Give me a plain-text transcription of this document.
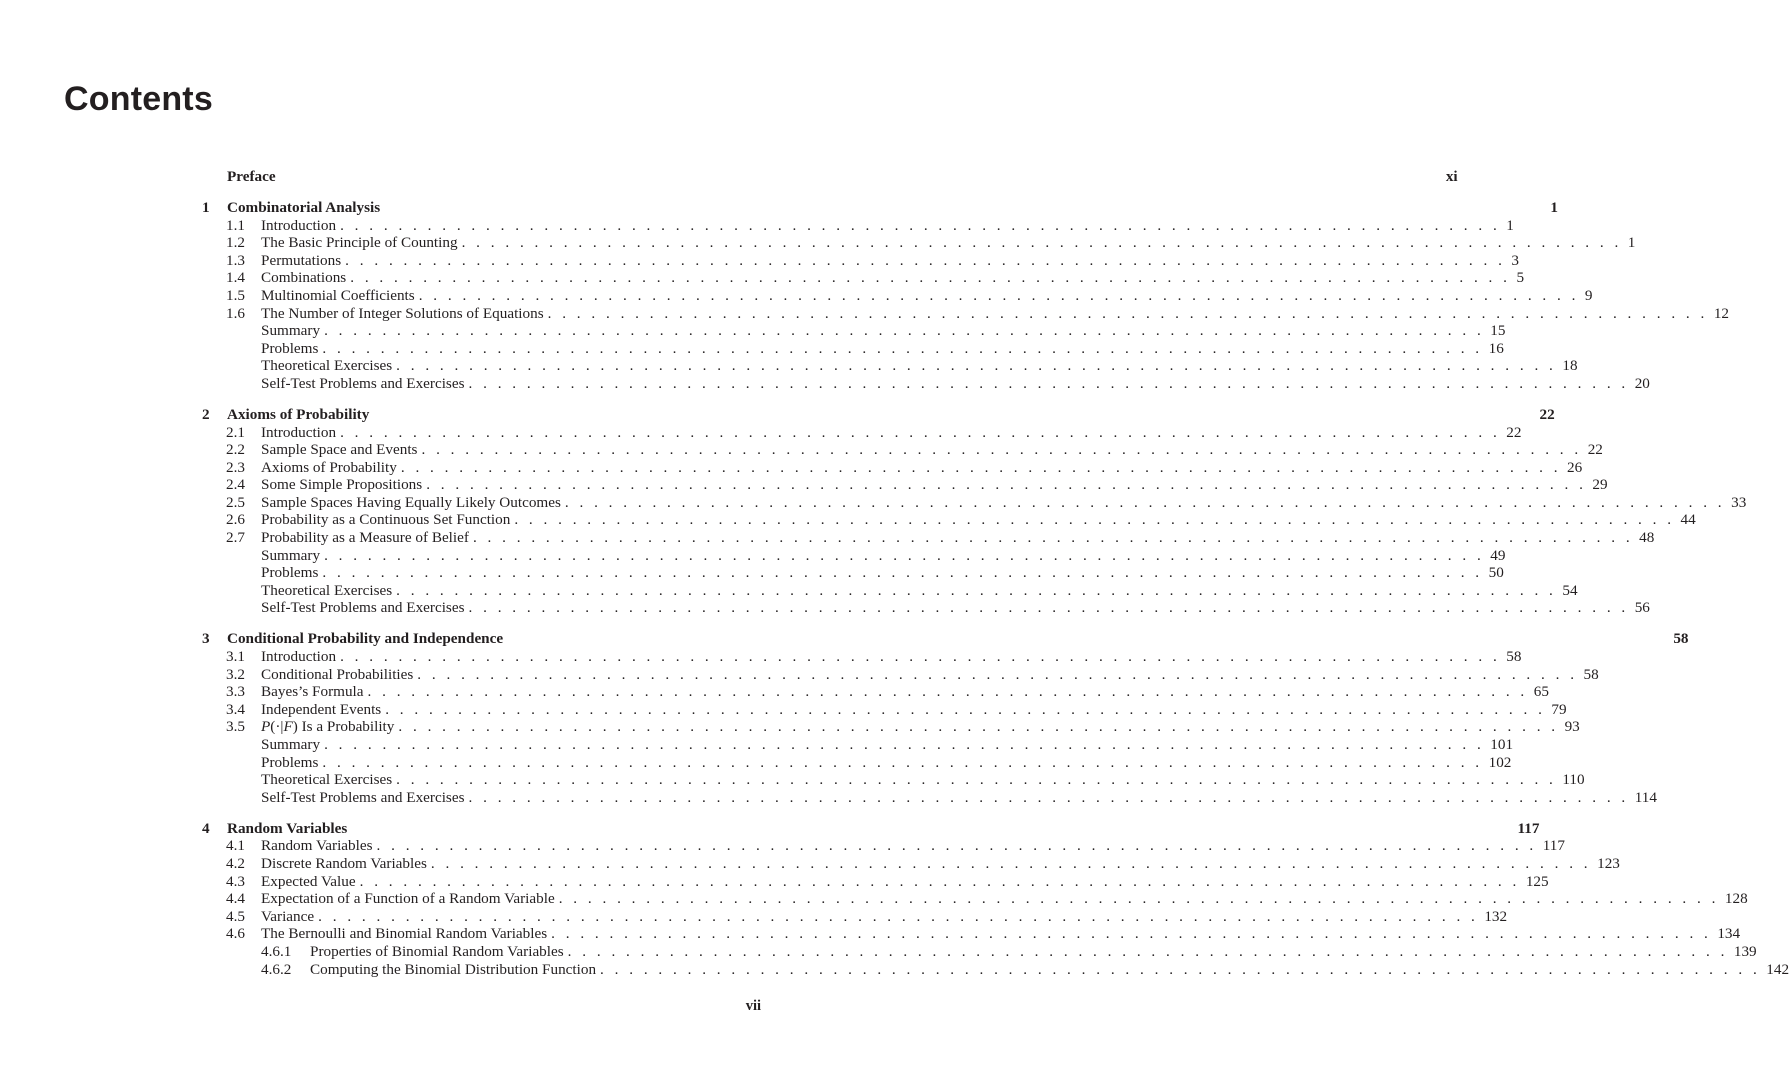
Contents
Preface	xi
1 Combinatorial Analysis	1
1.1 Introduction . . . . . . . . . . . . . . . . . . . . . . . . . . . . . . . . . . . . . . . . . . . . . . . . . . . . . . . . . . . . . . . . . . . . . . . . . . . . . . . . 1
1.2 The Basic Principle of Counting . . . . . . . . . . . . . . . . . . . . . . . . . . . . . . . . . . . . . . . . . . . . . . . . . . . . . . . . . . . . . . . . . . . . . . . . . . . . . . . . 1
1.3 Permutations . . . . . . . . . . . . . . . . . . . . . . . . . . . . . . . . . . . . . . . . . . . . . . . . . . . . . . . . . . . . . . . . . . . . . . . . . . . . . . . . 3
1.4 Combinations . . . . . . . . . . . . . . . . . . . . . . . . . . . . . . . . . . . . . . . . . . . . . . . . . . . . . . . . . . . . . . . . . . . . . . . . . . . . . . . . 5
1.5 Multinomial Coefficients . . . . . . . . . . . . . . . . . . . . . . . . . . . . . . . . . . . . . . . . . . . . . . . . . . . . . . . . . . . . . . . . . . . . . . . . . . . . . . . . 9
1.6 The Number of Integer Solutions of Equations . . . . . . . . . . . . . . . . . . . . . . . . . . . . . . . . . . . . . . . . . . . . . . . . . . . . . . . . . . . . . . . . . . . . . . . . . . . . . . . . 12
Summary . . . . . . . . . . . . . . . . . . . . . . . . . . . . . . . . . . . . . . . . . . . . . . . . . . . . . . . . . . . . . . . . . . . . . . . . . . . . . . . . 15
Problems . . . . . . . . . . . . . . . . . . . . . . . . . . . . . . . . . . . . . . . . . . . . . . . . . . . . . . . . . . . . . . . . . . . . . . . . . . . . . . . . 16
Theoretical Exercises . . . . . . . . . . . . . . . . . . . . . . . . . . . . . . . . . . . . . . . . . . . . . . . . . . . . . . . . . . . . . . . . . . . . . . . . . . . . . . . . 18
Self-Test Problems and Exercises . . . . . . . . . . . . . . . . . . . . . . . . . . . . . . . . . . . . . . . . . . . . . . . . . . . . . . . . . . . . . . . . . . . . . . . . . . . . . . . . 20
2 Axioms of Probability	22
2.1 Introduction . . . . . . . . . . . . . . . . . . . . . . . . . . . . . . . . . . . . . . . . . . . . . . . . . . . . . . . . . . . . . . . . . . . . . . . . . . . . . . . . 22
2.2 Sample Space and Events . . . . . . . . . . . . . . . . . . . . . . . . . . . . . . . . . . . . . . . . . . . . . . . . . . . . . . . . . . . . . . . . . . . . . . . . . . . . . . . . 22
2.3 Axioms of Probability . . . . . . . . . . . . . . . . . . . . . . . . . . . . . . . . . . . . . . . . . . . . . . . . . . . . . . . . . . . . . . . . . . . . . . . . . . . . . . . . 26
2.4 Some Simple Propositions . . . . . . . . . . . . . . . . . . . . . . . . . . . . . . . . . . . . . . . . . . . . . . . . . . . . . . . . . . . . . . . . . . . . . . . . . . . . . . . . 29
2.5 Sample Spaces Having Equally Likely Outcomes . . . . . . . . . . . . . . . . . . . . . . . . . . . . . . . . . . . . . . . . . . . . . . . . . . . . . . . . . . . . . . . . . . . . . . . . . . . . . . . . 33
2.6 Probability as a Continuous Set Function . . . . . . . . . . . . . . . . . . . . . . . . . . . . . . . . . . . . . . . . . . . . . . . . . . . . . . . . . . . . . . . . . . . . . . . . . . . . . . . . 44
2.7 Probability as a Measure of Belief . . . . . . . . . . . . . . . . . . . . . . . . . . . . . . . . . . . . . . . . . . . . . . . . . . . . . . . . . . . . . . . . . . . . . . . . . . . . . . . . 48
Summary . . . . . . . . . . . . . . . . . . . . . . . . . . . . . . . . . . . . . . . . . . . . . . . . . . . . . . . . . . . . . . . . . . . . . . . . . . . . . . . . 49
Problems . . . . . . . . . . . . . . . . . . . . . . . . . . . . . . . . . . . . . . . . . . . . . . . . . . . . . . . . . . . . . . . . . . . . . . . . . . . . . . . . 50
Theoretical Exercises . . . . . . . . . . . . . . . . . . . . . . . . . . . . . . . . . . . . . . . . . . . . . . . . . . . . . . . . . . . . . . . . . . . . . . . . . . . . . . . . 54
Self-Test Problems and Exercises . . . . . . . . . . . . . . . . . . . . . . . . . . . . . . . . . . . . . . . . . . . . . . . . . . . . . . . . . . . . . . . . . . . . . . . . . . . . . . . . 56
3 Conditional Probability and Independence	58
3.1 Introduction . . . . . . . . . . . . . . . . . . . . . . . . . . . . . . . . . . . . . . . . . . . . . . . . . . . . . . . . . . . . . . . . . . . . . . . . . . . . . . . . 58
3.2 Conditional Probabilities . . . . . . . . . . . . . . . . . . . . . . . . . . . . . . . . . . . . . . . . . . . . . . . . . . . . . . . . . . . . . . . . . . . . . . . . . . . . . . . . 58
3.3 Bayes’s Formula . . . . . . . . . . . . . . . . . . . . . . . . . . . . . . . . . . . . . . . . . . . . . . . . . . . . . . . . . . . . . . . . . . . . . . . . . . . . . . . . 65
3.4 Independent Events . . . . . . . . . . . . . . . . . . . . . . . . . . . . . . . . . . . . . . . . . . . . . . . . . . . . . . . . . . . . . . . . . . . . . . . . . . . . . . . . 79
3.5 P(·|F) Is a Probability . . . . . . . . . . . . . . . . . . . . . . . . . . . . . . . . . . . . . . . . . . . . . . . . . . . . . . . . . . . . . . . . . . . . . . . . . . . . . . . . 93
Summary . . . . . . . . . . . . . . . . . . . . . . . . . . . . . . . . . . . . . . . . . . . . . . . . . . . . . . . . . . . . . . . . . . . . . . . . . . . . . . . . 101
Problems . . . . . . . . . . . . . . . . . . . . . . . . . . . . . . . . . . . . . . . . . . . . . . . . . . . . . . . . . . . . . . . . . . . . . . . . . . . . . . . . 102
Theoretical Exercises . . . . . . . . . . . . . . . . . . . . . . . . . . . . . . . . . . . . . . . . . . . . . . . . . . . . . . . . . . . . . . . . . . . . . . . . . . . . . . . . 110
Self-Test Problems and Exercises . . . . . . . . . . . . . . . . . . . . . . . . . . . . . . . . . . . . . . . . . . . . . . . . . . . . . . . . . . . . . . . . . . . . . . . . . . . . . . . . 114
4 Random Variables	117
4.1 Random Variables . . . . . . . . . . . . . . . . . . . . . . . . . . . . . . . . . . . . . . . . . . . . . . . . . . . . . . . . . . . . . . . . . . . . . . . . . . . . . . . . 117
4.2 Discrete Random Variables . . . . . . . . . . . . . . . . . . . . . . . . . . . . . . . . . . . . . . . . . . . . . . . . . . . . . . . . . . . . . . . . . . . . . . . . . . . . . . . . 123
4.3 Expected Value . . . . . . . . . . . . . . . . . . . . . . . . . . . . . . . . . . . . . . . . . . . . . . . . . . . . . . . . . . . . . . . . . . . . . . . . . . . . . . . . 125
4.4 Expectation of a Function of a Random Variable . . . . . . . . . . . . . . . . . . . . . . . . . . . . . . . . . . . . . . . . . . . . . . . . . . . . . . . . . . . . . . . . . . . . . . . . . . . . . . . . 128
4.5 Variance . . . . . . . . . . . . . . . . . . . . . . . . . . . . . . . . . . . . . . . . . . . . . . . . . . . . . . . . . . . . . . . . . . . . . . . . . . . . . . . . 132
4.6 The Bernoulli and Binomial Random Variables . . . . . . . . . . . . . . . . . . . . . . . . . . . . . . . . . . . . . . . . . . . . . . . . . . . . . . . . . . . . . . . . . . . . . . . . . . . . . . . . 134
4.6.1 Properties of Binomial Random Variables . . . . . . . . . . . . . . . . . . . . . . . . . . . . . . . . . . . . . . . . . . . . . . . . . . . . . . . . . . . . . . . . . . . . . . . . . . . . . . . . 139
4.6.2 Computing the Binomial Distribution Function . . . . . . . . . . . . . . . . . . . . . . . . . . . . . . . . . . . . . . . . . . . . . . . . . . . . . . . . . . . . . . . . . . . . . . . . . . . . . . . . 142
vii
